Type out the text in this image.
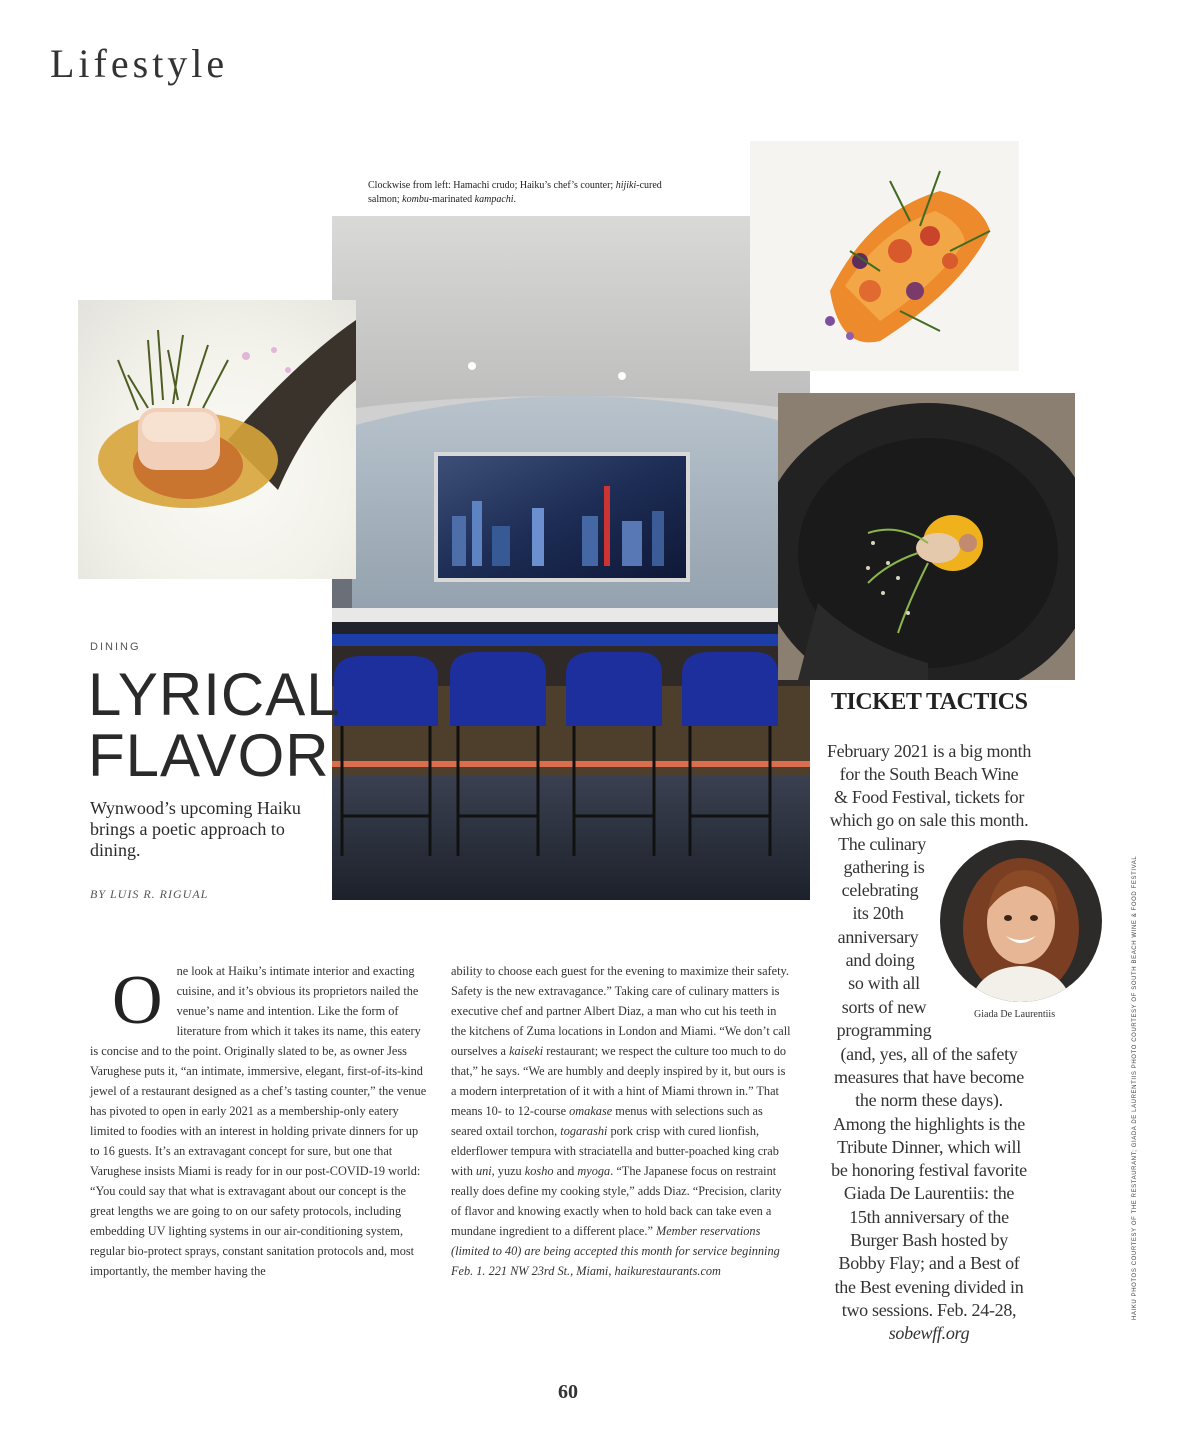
Lifestyle
Clockwise from left: Hamachi crudo; Haiku’s chef’s counter; hijiki-cured salmon; kombu-marinated kampachi.
DINING
LYRICAL
FLAVOR
Wynwood’s upcoming Haiku brings a poetic approach to dining.
BY LUIS R. RIGUAL
O ne look at Haiku’s intimate interior and exacting cuisine, and it’s obvious its proprietors nailed the venue’s name and intention. Like the form of literature from which it takes its name, this eatery is concise and to the point. Originally slated to be, as owner Jess Varughese puts it, “an intimate, immersive, elegant, first-of-its-kind jewel of a restaurant designed as a chef’s tasting counter,” the venue has pivoted to open in early 2021 as a membership-only eatery limited to foodies with an interest in holding private dinners for up to 16 guests. It’s an extravagant concept for sure, but one that Varughese insists Miami is ready for in our post-COVID-19 world: “You could say that what is extravagant about our concept is the great lengths we are going to on our safety protocols, including embedding UV lighting systems in our air-conditioning system, regular bio-protect sprays, constant sanitation protocols and, most importantly, the member having the
ability to choose each guest for the evening to maximize their safety. Safety is the new extravagance.” Taking care of culinary matters is executive chef and partner Albert Diaz, a man who cut his teeth in the kitchens of Zuma locations in London and Miami. “We don’t call ourselves a kaiseki restaurant; we respect the culture too much to do that,” he says. “We are humbly and deeply inspired by it, but ours is a modern interpretation of it with a hint of Miami thrown in.” That means 10- to 12-course omakase menus with selections such as seared oxtail torchon, togarashi pork crisp with cured lionfish, elderflower tempura with straciatella and butter-poached king crab with uni, yuzu kosho and myoga. “The Japanese focus on restraint really does define my cooking style,” adds Diaz. “Precision, clarity of flavor and knowing exactly when to hold back can take even a mundane ingredient to a different place.” Member reservations (limited to 40) are being accepted this month for service beginning Feb. 1. 221 NW 23rd St., Miami, haikurestaurants.com
TICKET TACTICS
February 2021 is a big month
for the South Beach Wine
& Food Festival, tickets for
which go on sale this month.
The culinary
gathering is
celebrating
its 20th
anniversary
and doing
so with all
sorts of new
programming
(and, yes, all of the safety
measures that have become
the norm these days).
Among the highlights is the
Tribute Dinner, which will
be honoring festival favorite
Giada De Laurentiis: the
15th anniversary of the
Burger Bash hosted by
Bobby Flay; and a Best of
the Best evening divided in
two sessions. Feb. 24-28,
sobewff.org
Giada De Laurentiis	HAIKU PHOTOS COURTESY OF THE RESTAURANT; GIADA DE LAURENTIIS PHOTO COURTESY OF SOUTH BEACH WINE & FOOD FESTIVAL
60
